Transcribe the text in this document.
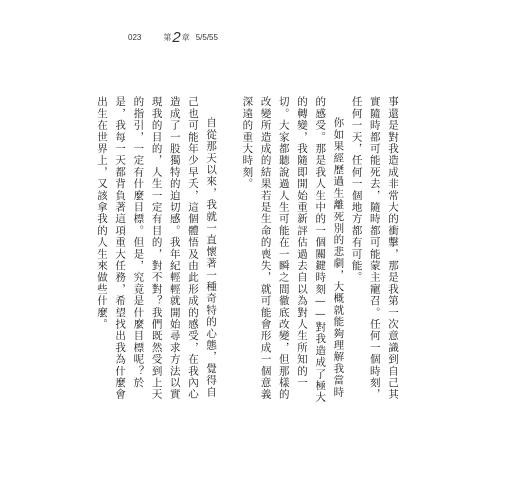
023	第 2 章 5/5/55

事還是對我造成非常大的衝擊，那是我第一次意識到自己其實隨時都可能死去，隨時都可能蒙主寵召。任何一個時刻，任何一天，任何一個地方都有可能。

你如果經歷過生離死別的悲劇，大概就能夠理解我當時的感受。那是我人生中的一個關鍵時刻——對我造成了極大的轉變，我隨即開始重新評估過去自以為對人生所知的一切。大家都聽說過人生可能在一瞬之間徹底改變，但那樣的改變所造成的結果若是生命的喪失，就可能會形成一個意義深遠的重大時刻。

自從那天以來，我就一直懷著一種奇特的心態，覺得自己也可能年少早夭，這個體悟及由此形成的感受，在我內心造成了一股獨特的迫切感。我年紀輕輕就開始尋求方法以實現我的目的，人生一定有目的，對不對？我們既然受到上天的指引，一定有什麼目標。但是，究竟是什麼目標呢？於是，我每一天都背負著這項重大任務，希望找出我為什麼會出生在世界上，又該拿我的人生來做些什麼。
